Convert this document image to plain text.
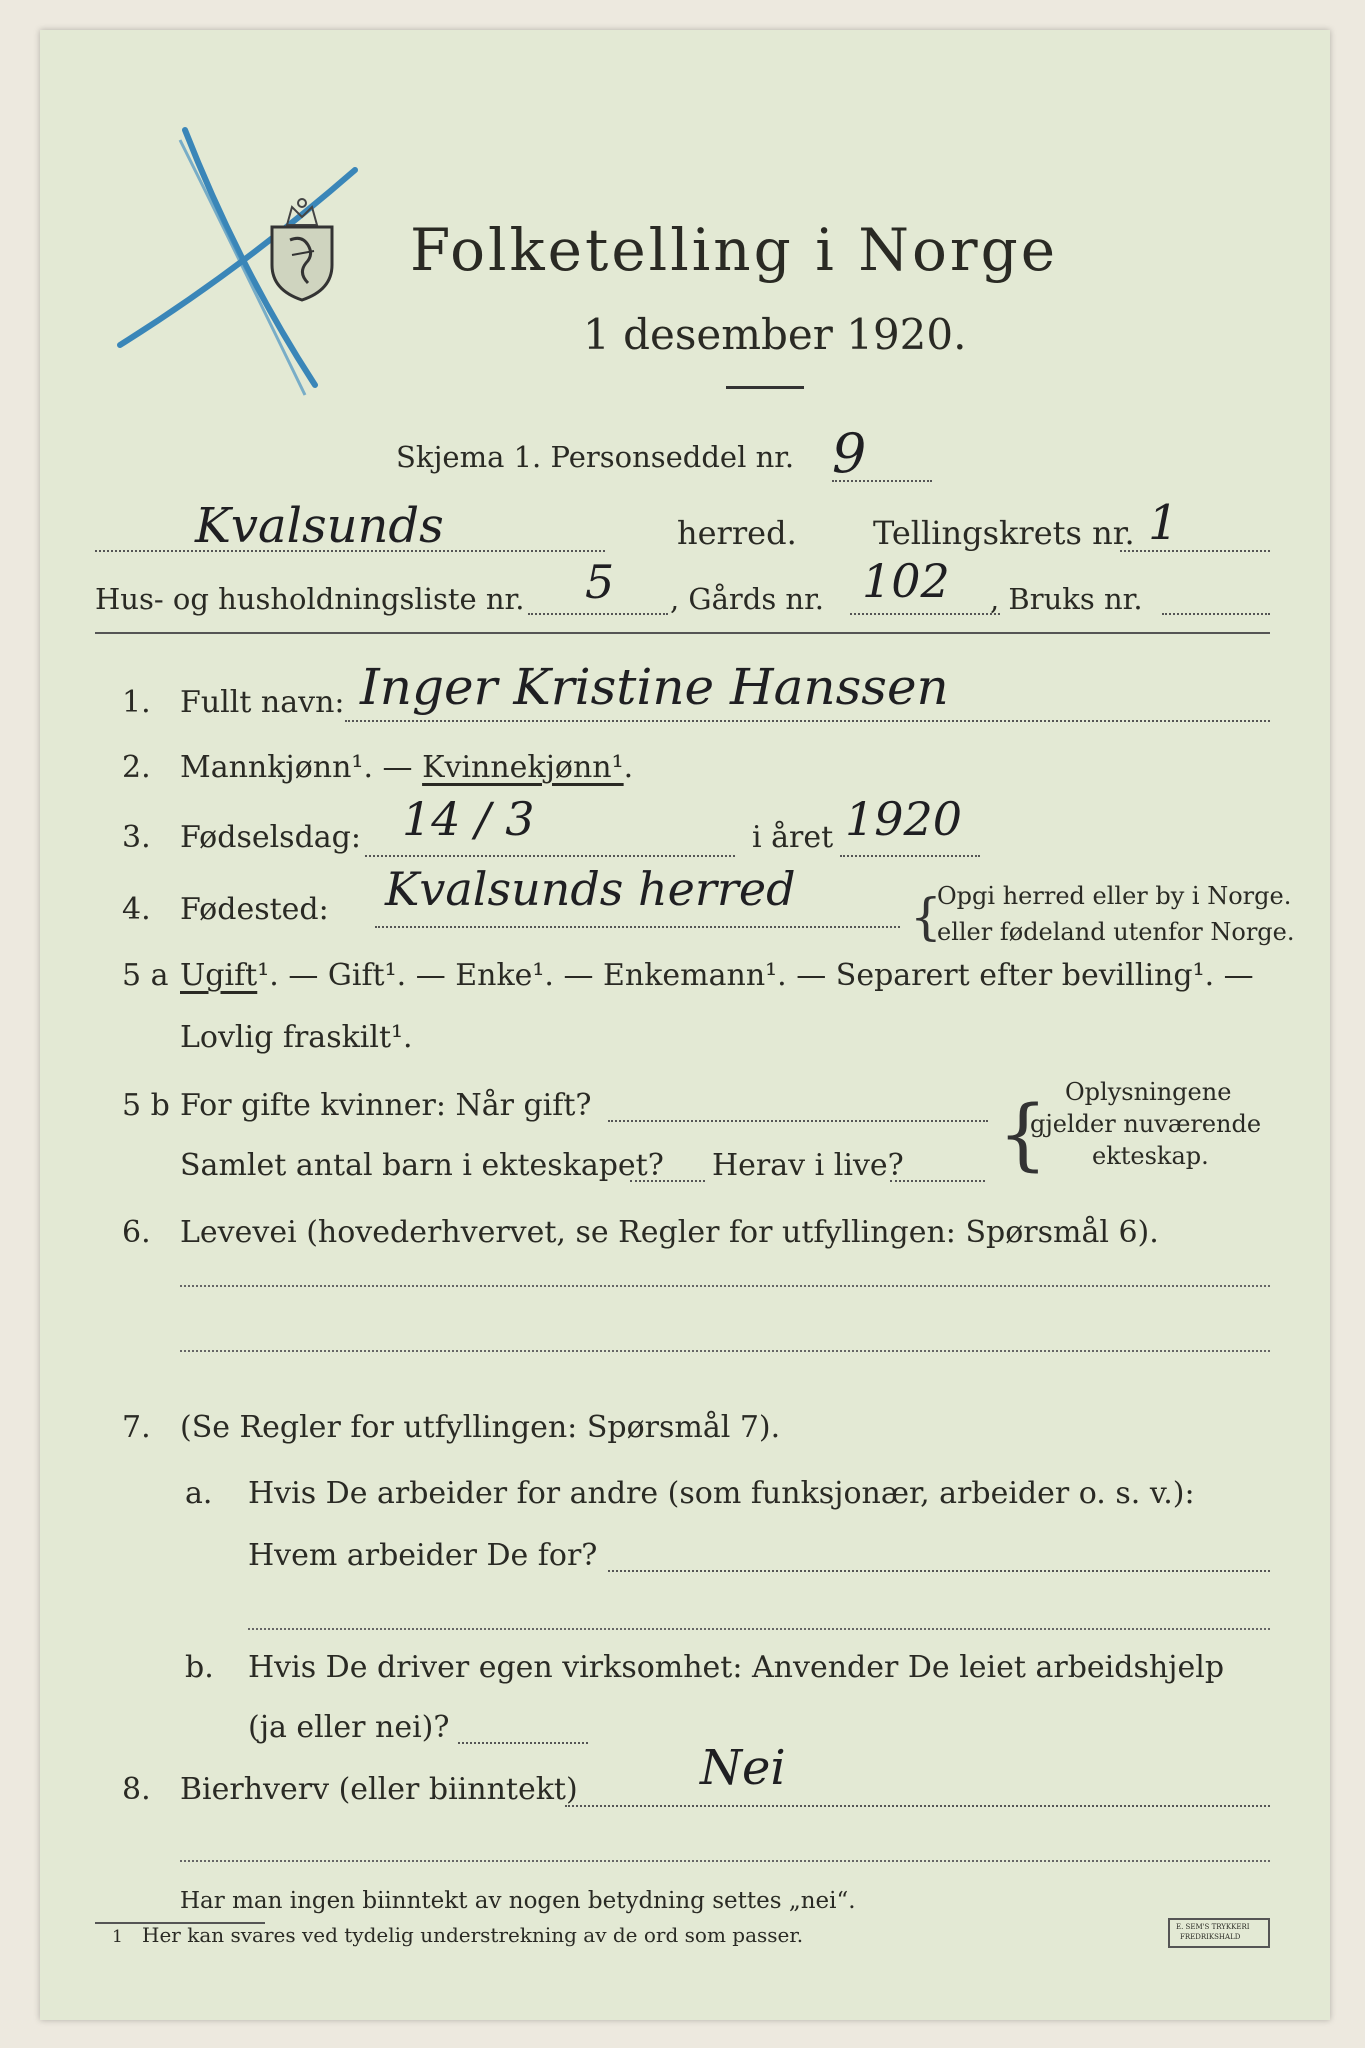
Folketelling i Norge
1 desember 1920.
Skjema 1. Personseddel nr. 9
Kvalsunds	herred. Tellingskrets nr. 1
Hus- og husholdningsliste nr. 5 , Gårds nr. 102 , Bruks nr.
1. Fullt navn: Inger Kristine Hanssen
2. Mannkjønn¹. — Kvinnekjønn¹.
3. Fødselsdag: 14 / 3	i året 1920
4. Fødested: Kvalsunds herred {
Opgi herred eller by i Norge.
eller fødeland utenfor Norge.
5 a Ugift¹. — Gift¹. — Enke¹. — Enkemann¹. — Separert efter bevilling¹. —
Lovlig fraskilt¹.
5 b For gifte kvinner: Når gift?
Samlet antal barn i ekteskapet? Herav i live? { Oplysningene
gjelder nuværende
ekteskap.
6. Levevei (hovederhvervet, se Regler for utfyllingen: Spørsmål 6).
7. (Se Regler for utfyllingen: Spørsmål 7).
a. Hvis De arbeider for andre (som funksjonær, arbeider o. s. v.):
Hvem arbeider De for?
b. Hvis De driver egen virksomhet: Anvender De leiet arbeidshjelp
(ja eller nei)?
8. Bierhverv (eller biinntekt)	Nei
Har man ingen biinntekt av nogen betydning settes „nei“.
1 Her kan svares ved tydelig understrekning av de ord som passer.	E. SEM'S TRYKKERI
FREDRIKSHALD
